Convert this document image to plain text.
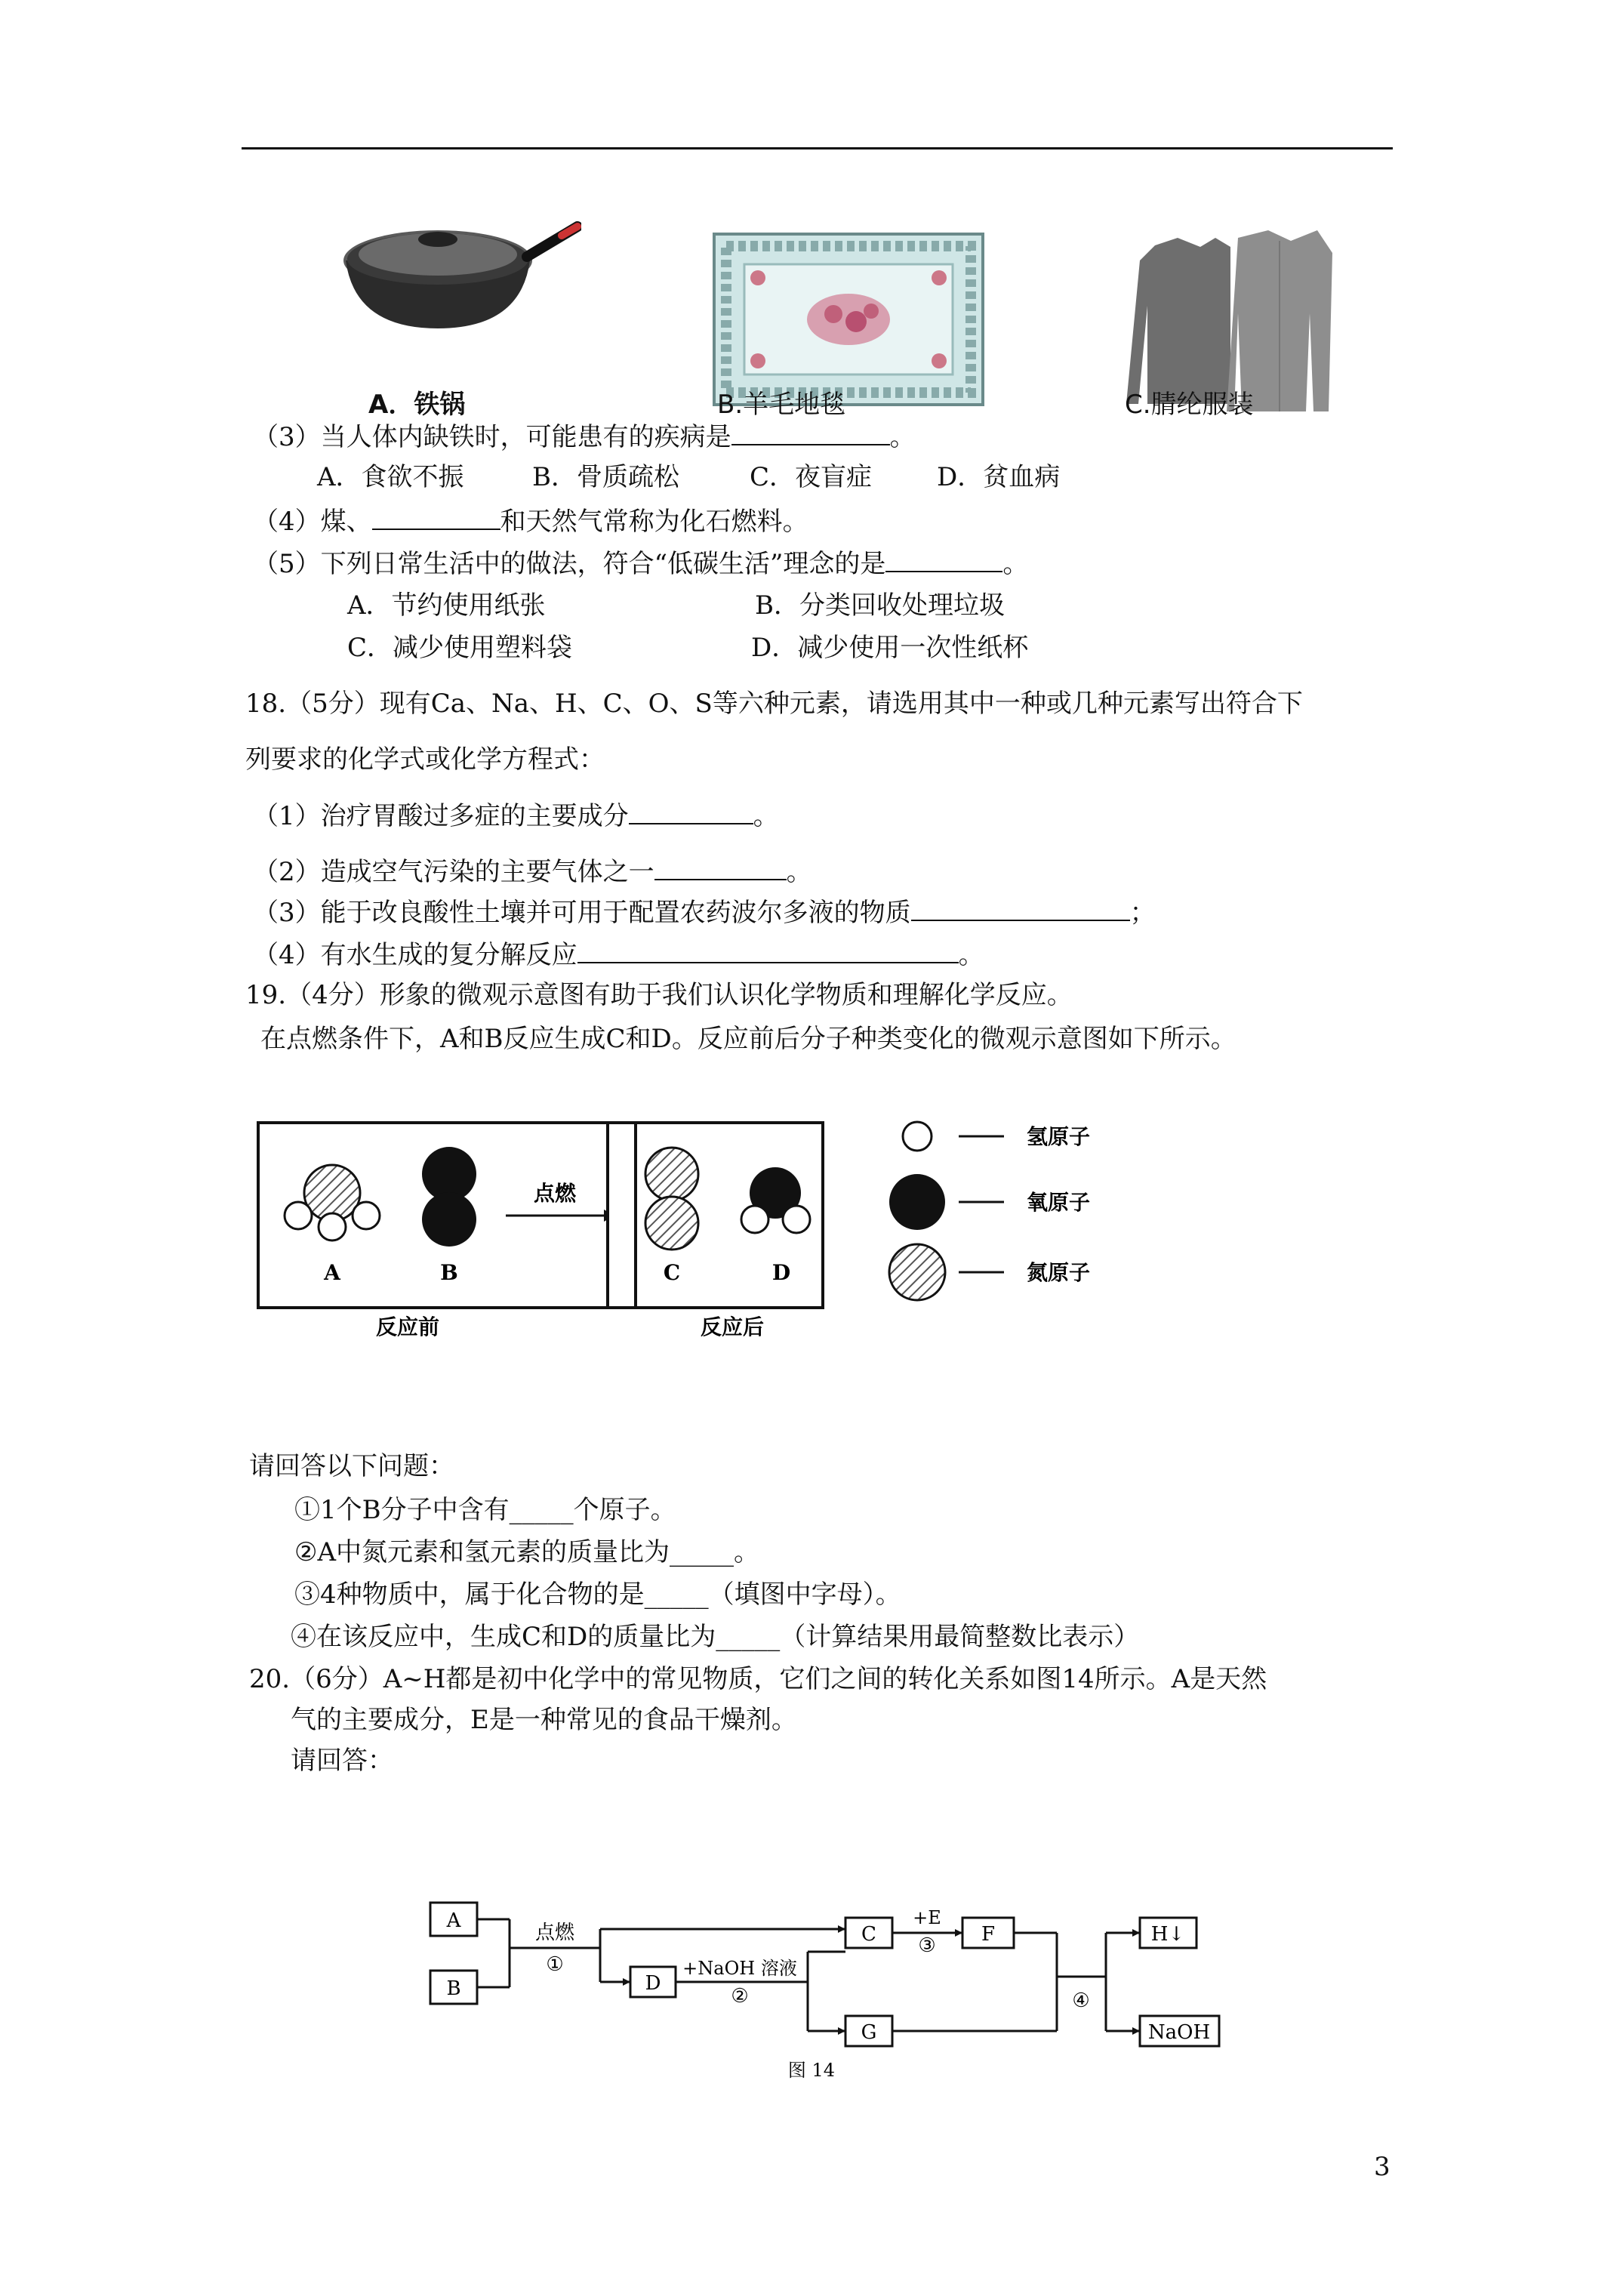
A．铁锅	B.羊毛地毯	C.腈纶服装
（3）当人体内缺铁时，可能患有的疾病是	。
A．食欲不振	B．骨质疏松	C．夜盲症	D．贫血病
（4）煤、	和天然气常称为化石燃料。
（5）下列日常生活中的做法，符合“低碳生活”理念的是	。
A．节约使用纸张	B．分类回收处理垃圾
C．减少使用塑料袋	D．减少使用一次性纸杯
18.（5分）现有Ca、Na、H、C、O、S等六种元素，请选用其中一种或几种元素写出符合下
列要求的化学式或化学方程式：
（1）治疗胃酸过多症的主要成分	。
（2）造成空气污染的主要气体之一	。
（3）能于改良酸性土壤并可用于配置农药波尔多液的物质	；
（4）有水生成的复分解反应	。
19.（4分）形象的微观示意图有助于我们认识化学物质和理解化学反应。
在点燃条件下，A和B反应生成C和D。反应前后分子种类变化的微观示意图如下所示。
A	B
点燃
C	D
反应前	反应后
氢原子
氧原子
氮原子
请回答以下问题：
①1个B分子中含有_____个原子。
②A中氮元素和氢元素的质量比为_____。
③4种物质中，属于化合物的是_____（填图中字母）。
④在该反应中，生成C和D的质量比为_____（计算结果用最简整数比表示）
20.（6分）A~H都是初中化学中的常见物质，它们之间的转化关系如图14所示。A是天然
气的主要成分，E是一种常见的食品干燥剂。
请回答：
A
B
C
D
F
G
H↓
NaOH
点燃
①	+NaOH 溶液
②
+E
③
④
图 14
3
